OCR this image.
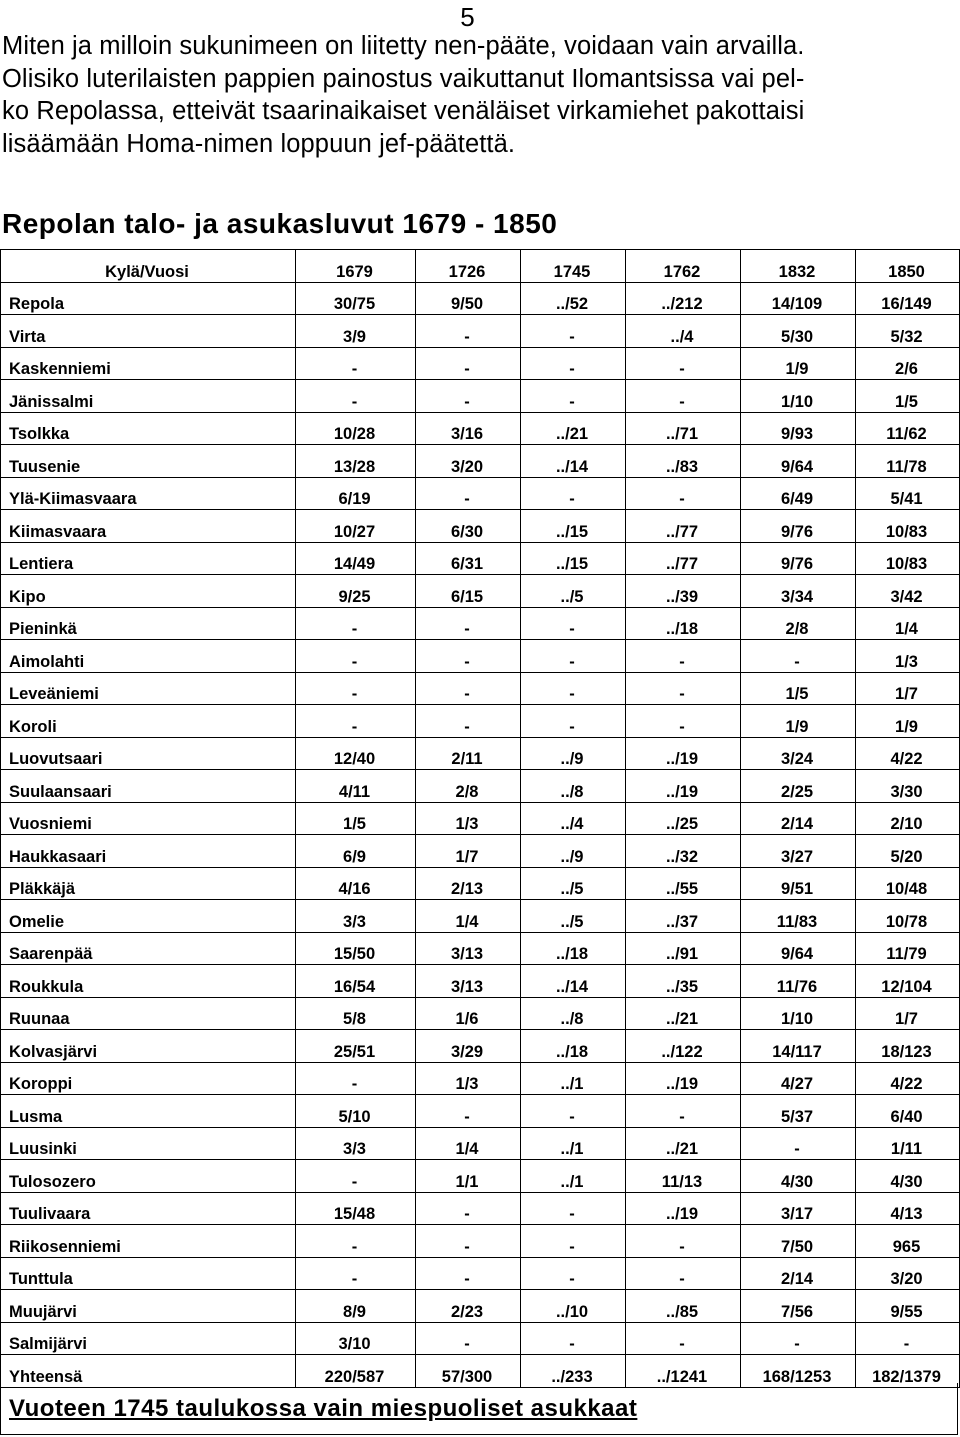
5
Miten ja milloin sukunimeen on liitetty nen-pääte, voidaan vain arvailla.
Olisiko luterilaisten pappien painostus vaikuttanut Ilomantsissa vai pel-
ko Repolassa, etteivät tsaarinaikaiset venäläiset virkamiehet pakottaisi
lisäämään Homa-nimen loppuun jef-päätettä.
Repolan talo- ja asukasluvut 1679 - 1850
Kylä/Vuosi	1679	1726	1745	1762	1832	1850
Repola	30/75	9/50	../52	../212	14/109	16/149
Virta	3/9	-	-	../4	5/30	5/32
Kaskenniemi	-	-	-	-	1/9	2/6
Jänissalmi	-	-	-	-	1/10	1/5
Tsolkka	10/28	3/16	../21	../71	9/93	11/62
Tuusenie	13/28	3/20	../14	../83	9/64	11/78
Ylä-Kiimasvaara	6/19	-	-	-	6/49	5/41
Kiimasvaara	10/27	6/30	../15	../77	9/76	10/83
Lentiera	14/49	6/31	../15	../77	9/76	10/83
Kipo	9/25	6/15	../5	../39	3/34	3/42
Pieninkä	-	-	-	../18	2/8	1/4
Aimolahti	-	-	-	-	-	1/3
Leveäniemi	-	-	-	-	1/5	1/7
Koroli	-	-	-	-	1/9	1/9
Luovutsaari	12/40	2/11	../9	../19	3/24	4/22
Suulaansaari	4/11	2/8	../8	../19	2/25	3/30
Vuosniemi	1/5	1/3	../4	../25	2/14	2/10
Haukkasaari	6/9	1/7	../9	../32	3/27	5/20
Pläkkäjä	4/16	2/13	../5	../55	9/51	10/48
Omelie	3/3	1/4	../5	../37	11/83	10/78
Saarenpää	15/50	3/13	../18	../91	9/64	11/79
Roukkula	16/54	3/13	../14	../35	11/76	12/104
Ruunaa	5/8	1/6	../8	../21	1/10	1/7
Kolvasjärvi	25/51	3/29	../18	../122	14/117	18/123
Koroppi	-	1/3	../1	../19	4/27	4/22
Lusma	5/10	-	-	-	5/37	6/40
Luusinki	3/3	1/4	../1	../21	-	1/11
Tulosozero	-	1/1	../1	11/13	4/30	4/30
Tuulivaara	15/48	-	-	../19	3/17	4/13
Riikosenniemi	-	-	-	-	7/50	965
Tunttula	-	-	-	-	2/14	3/20
Muujärvi	8/9	2/23	../10	../85	7/56	9/55
Salmijärvi	3/10	-	-	-	-	-
Yhteensä	220/587	57/300	../233	../1241	168/1253	182/1379
Vuoteen 1745 taulukossa vain miespuoliset asukkaat
